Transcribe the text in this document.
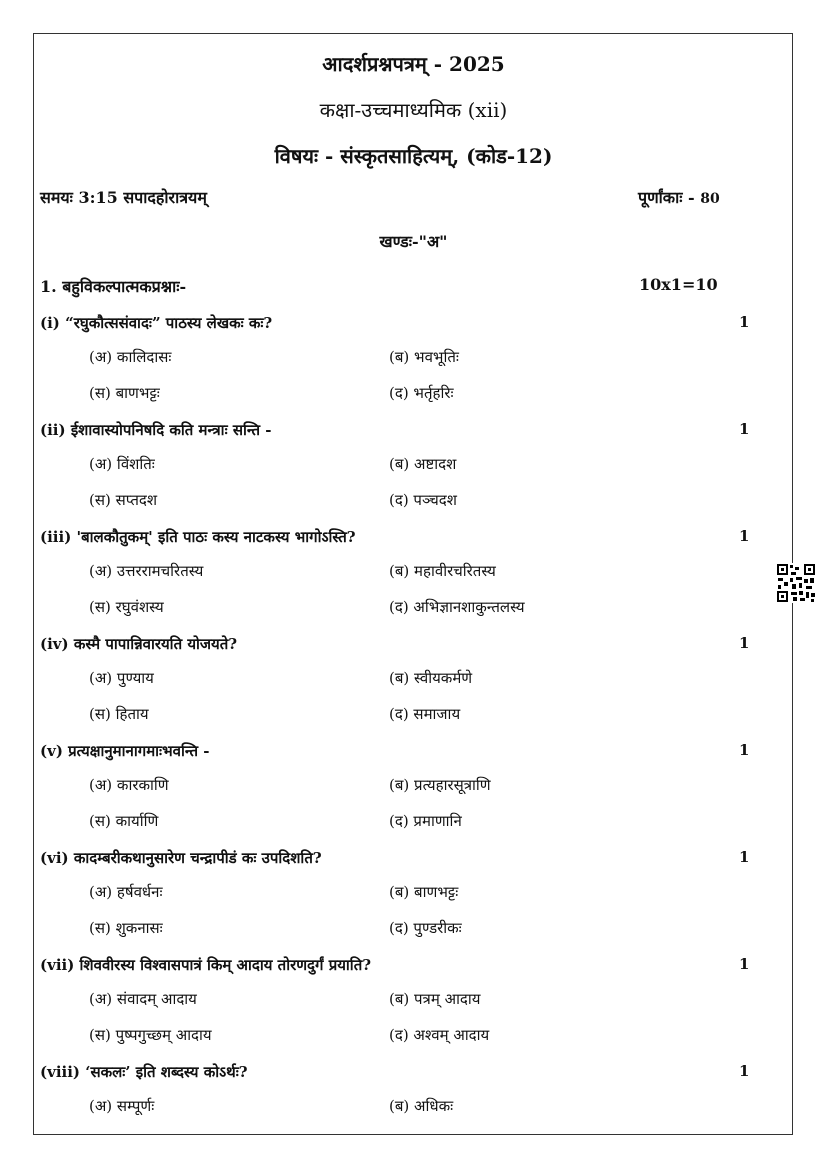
आदर्शप्रश्नपत्रम् - 2025
कक्षा-उच्चमाध्यमिक (xii)
विषयः - संस्कृतसाहित्यम्, (कोड-12)
समयः 3:15 सपादहोरात्रयम्	पूर्णांकाः - 80
खण्डः-"अ"
1. बहुविकल्पात्मकप्रश्नाः-	10x1=10
(i) “रघुकौत्ससंवादः” पाठस्य लेखकः कः?	1
(अ) कालिदासः	(ब) भवभूतिः
(स) बाणभट्टः	(द) भर्तृहरिः
(ii) ईशावास्योपनिषदि कति मन्त्राः सन्ति -	1
(अ) विंशतिः	(ब) अष्टादश
(स) सप्तदश	(द) पञ्चदश
(iii) 'बालकौतुकम्' इति पाठः कस्य नाटकस्य भागोऽस्ति?	1
(अ) उत्तररामचरितस्य	(ब) महावीरचरितस्य
(स) रघुवंशस्य	(द) अभिज्ञानशाकुन्तलस्य
(iv) कस्मै पापान्निवारयति योजयते?	1
(अ) पुण्याय	(ब) स्वीयकर्मणे
(स) हिताय	(द) समाजाय
(v) प्रत्यक्षानुमानागमाःभवन्ति -	1
(अ) कारकाणि	(ब) प्रत्यहारसूत्राणि
(स) कार्याणि	(द) प्रमाणानि
(vi) कादम्बरीकथानुसारेण चन्द्रापीडं कः उपदिशति?	1
(अ) हर्षवर्धनः	(ब) बाणभट्टः
(स) शुकनासः	(द) पुण्डरीकः
(vii) शिववीरस्य विश्वासपात्रं किम् आदाय तोरणदुर्गं प्रयाति?	1
(अ) संवादम् आदाय	(ब) पत्रम् आदाय
(स) पुष्पगुच्छम् आदाय	(द) अश्वम् आदाय
(viii) ‘सकलः’ इति शब्दस्य कोऽर्थः?	1
(अ) सम्पूर्णः	(ब) अधिकः
